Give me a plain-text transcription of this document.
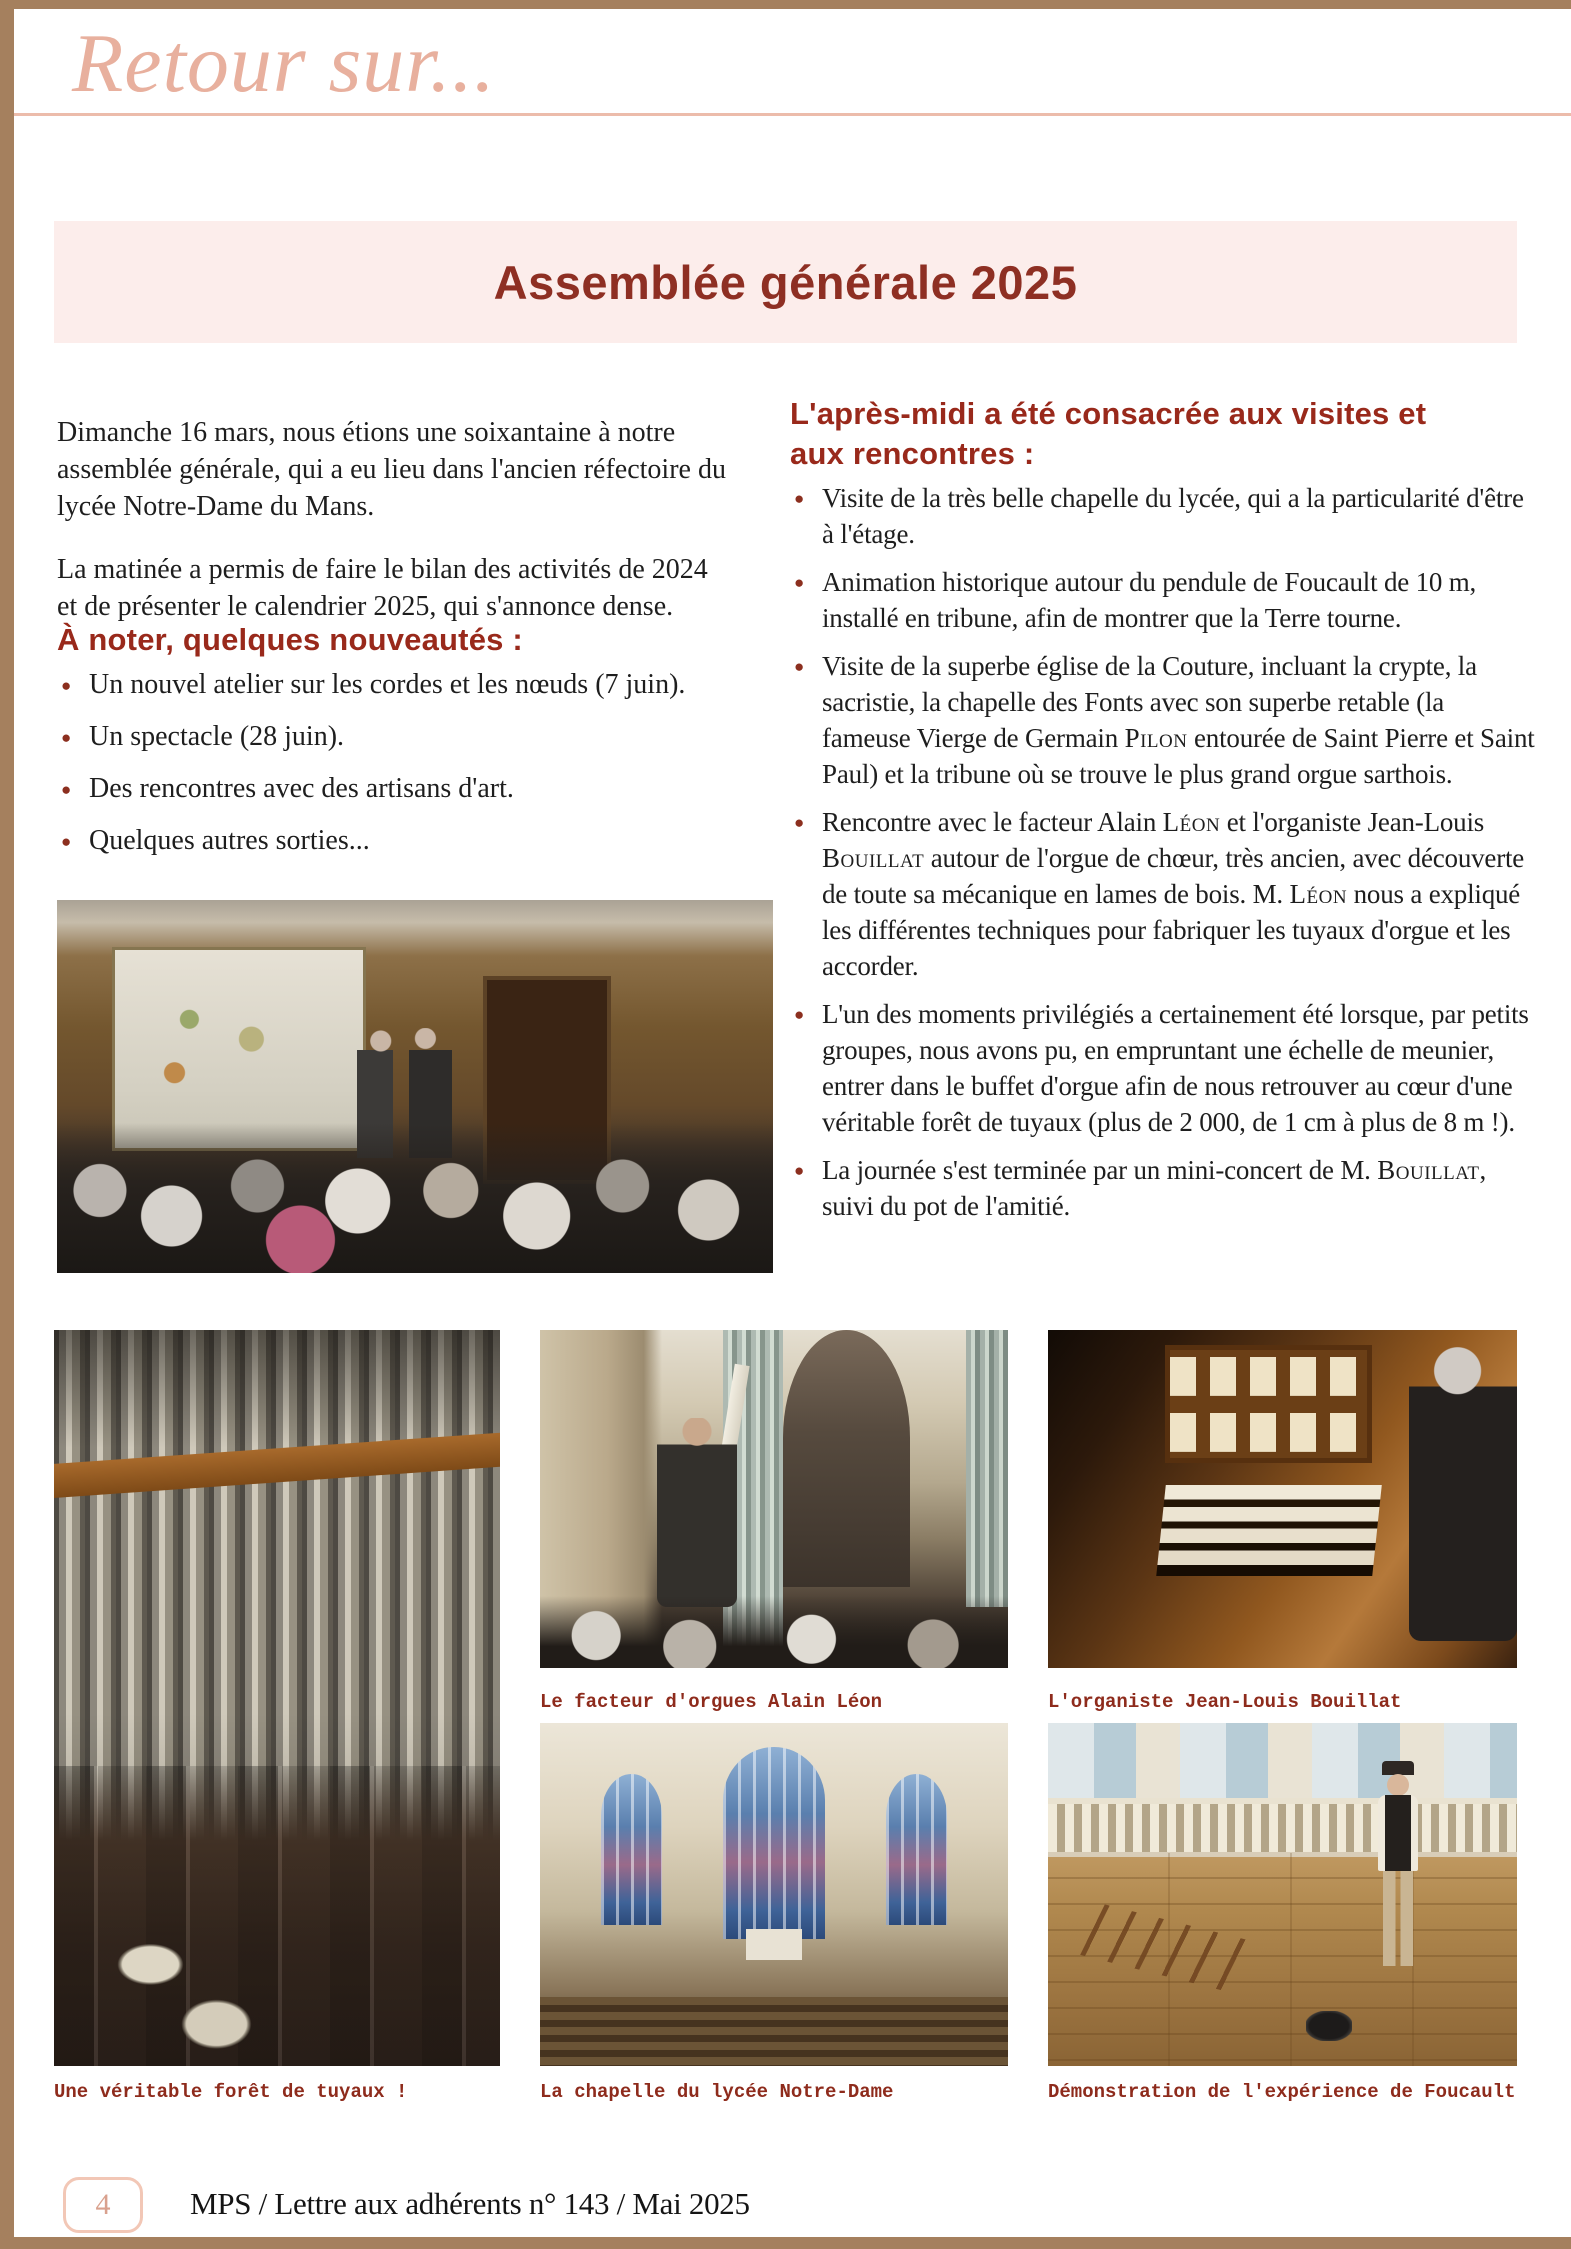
Retour sur...
Assemblée générale 2025

Dimanche 16 mars, nous étions une soixantaine à notre assemblée générale, qui a eu lieu dans l'ancien réfectoire du lycée Notre-Dame du Mans.

La matinée a permis de faire le bilan des activités de 2024 et de présenter le calendrier 2025, qui s'annonce dense.

À noter, quelques nouveautés :
● Un nouvel atelier sur les cordes et les nœuds (7 juin).
● Un spectacle (28 juin).
● Des rencontres avec des artisans d'art.
● Quelques autres sorties...
L'après-midi a été consacrée aux visites et aux rencontres :
● Visite de la très belle chapelle du lycée, qui a la particularité d'être à l'étage.
● Animation historique autour du pendule de Foucault de 10 m, installé en tribune, afin de montrer que la Terre tourne.
● Visite de la superbe église de la Couture, incluant la crypte, la sacristie, la chapelle des Fonts avec son superbe retable (la fameuse Vierge de Germain Pilon entourée de Saint Pierre et Saint Paul) et la tribune où se trouve le plus grand orgue sarthois.
● Rencontre avec le facteur Alain Léon et l'organiste Jean-Louis Bouillat autour de l'orgue de chœur, très ancien, avec découverte de toute sa mécanique en lames de bois. M. Léon nous a expliqué les différentes techniques pour fabriquer les tuyaux d'orgue et les accorder.
● L'un des moments privilégiés a certainement été lorsque, par petits groupes, nous avons pu, en empruntant une échelle de meunier, entrer dans le buffet d'orgue afin de nous retrouver au cœur d'une véritable forêt de tuyaux (plus de 2 000, de 1 cm à plus de 8 m !).
● La journée s'est terminée par un mini-concert de M. Bouillat, suivi du pot de l'amitié.
Le facteur d'orgues Alain Léon	L'organiste Jean-Louis Bouillat
Une véritable forêt de tuyaux !	La chapelle du lycée Notre-Dame	Démonstration de l'expérience de Foucault
4	MPS / Lettre aux adhérents n° 143 / Mai 2025
